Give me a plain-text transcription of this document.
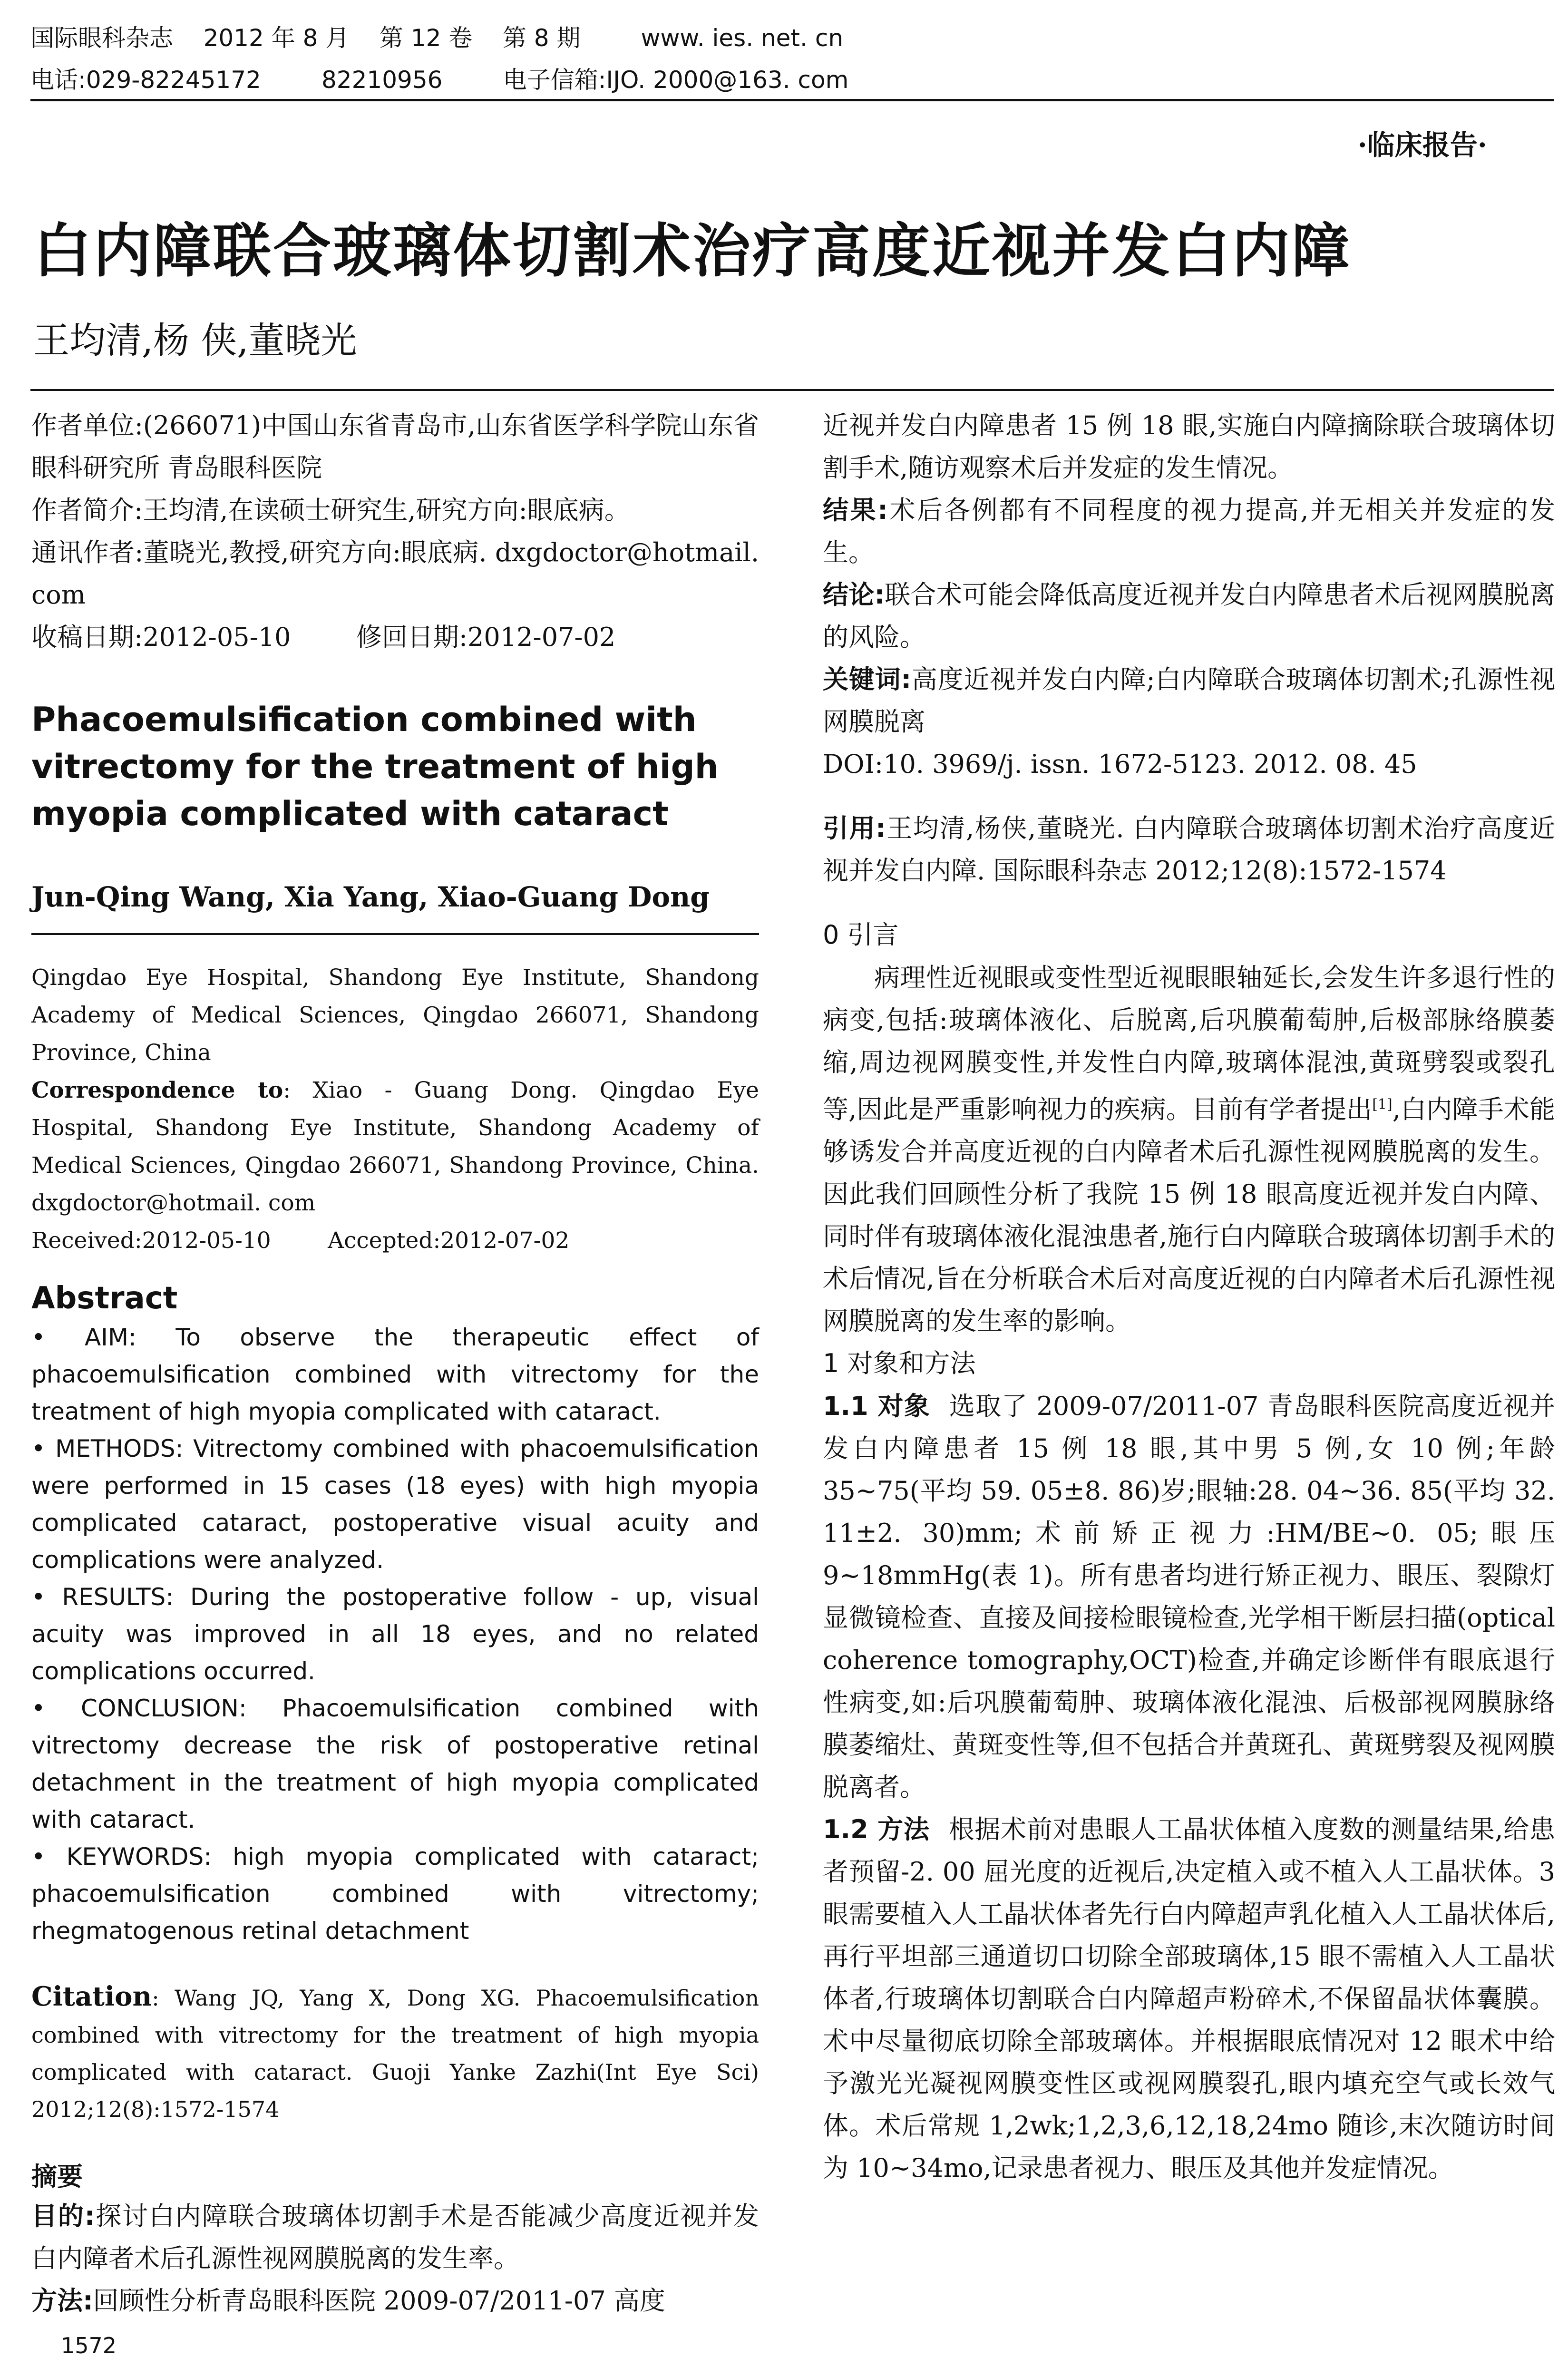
国际眼科杂志    2012 年 8 月    第 12 卷    第 8 期        www. ies. net. cn
电话:029-82245172        82210956        电子信箱:IJO. 2000@163. com
·临床报告·
白内障联合玻璃体切割术治疗高度近视并发白内障
王均清,杨 侠,董晓光

作者单位:(266071)中国山东省青岛市,山东省医学科学院山东省眼科研究所 青岛眼科医院

作者简介:王均清,在读硕士研究生,研究方向:眼底病。

通讯作者:董晓光,教授,研究方向:眼底病. dxgdoctor@hotmail. com

收稿日期:2012-05-10        修回日期:2012-07-02

Phacoemulsification combined with vitrectomy for the treatment of high myopia complicated with cataract

Jun-Qing Wang, Xia Yang, Xiao-Guang Dong

Qingdao Eye Hospital, Shandong Eye Institute, Shandong Academy of Medical Sciences, Qingdao 266071, Shandong Province, China

Correspondence to: Xiao - Guang Dong. Qingdao Eye Hospital, Shandong Eye Institute, Shandong Academy of Medical Sciences, Qingdao 266071, Shandong Province, China. dxgdoctor@hotmail. com

Received:2012-05-10        Accepted:2012-07-02

Abstract

• AIM: To observe the therapeutic effect of phacoemulsification combined with vitrectomy for the treatment of high myopia complicated with cataract.

• METHODS: Vitrectomy combined with phacoemulsification were performed in 15 cases (18 eyes) with high myopia complicated cataract, postoperative visual acuity and complications were analyzed.

• RESULTS: During the postoperative follow - up, visual acuity was improved in all 18 eyes, and no related complications occurred.

• CONCLUSION: Phacoemulsification combined with vitrectomy decrease the risk of postoperative retinal detachment in the treatment of high myopia complicated with cataract.

• KEYWORDS: high myopia complicated with cataract; phacoemulsification combined with vitrectomy; rhegmatogenous retinal detachment

Citation: Wang JQ, Yang X, Dong XG. Phacoemulsification combined with vitrectomy for the treatment of high myopia complicated with cataract. Guoji Yanke Zazhi(Int Eye Sci) 2012;12(8):1572-1574

摘要

目的:探讨白内障联合玻璃体切割手术是否能减少高度近视并发白内障者术后孔源性视网膜脱离的发生率。

方法:回顾性分析青岛眼科医院 2009-07/2011-07 高度

近视并发白内障患者 15 例 18 眼,实施白内障摘除联合玻璃体切割手术,随访观察术后并发症的发生情况。

结果:术后各例都有不同程度的视力提高,并无相关并发症的发生。

结论:联合术可能会降低高度近视并发白内障患者术后视网膜脱离的风险。

关键词:高度近视并发白内障;白内障联合玻璃体切割术;孔源性视网膜脱离

DOI:10. 3969/j. issn. 1672-5123. 2012. 08. 45

引用:王均清,杨侠,董晓光. 白内障联合玻璃体切割术治疗高度近视并发白内障. 国际眼科杂志 2012;12(8):1572-1574

0 引言

病理性近视眼或变性型近视眼眼轴延长,会发生许多退行性的病变,包括:玻璃体液化、后脱离,后巩膜葡萄肿,后极部脉络膜萎缩,周边视网膜变性,并发性白内障,玻璃体混浊,黄斑劈裂或裂孔等,因此是严重影响视力的疾病。目前有学者提出[1],白内障手术能够诱发合并高度近视的白内障者术后孔源性视网膜脱离的发生。因此我们回顾性分析了我院 15 例 18 眼高度近视并发白内障、同时伴有玻璃体液化混浊患者,施行白内障联合玻璃体切割手术的术后情况,旨在分析联合术后对高度近视的白内障者术后孔源性视网膜脱离的发生率的影响。

1 对象和方法

1.1 对象 选取了 2009-07/2011-07 青岛眼科医院高度近视并发白内障患者 15 例 18 眼,其中男 5 例,女 10 例;年龄 35~75(平均 59. 05±8. 86)岁;眼轴:28. 04~36. 85(平均 32. 11±2. 30)mm;术前矫正视力:HM/BE~0. 05;眼压 9~18mmHg(表 1)。所有患者均进行矫正视力、眼压、裂隙灯显微镜检查、直接及间接检眼镜检查,光学相干断层扫描(optical coherence tomography,OCT)检查,并确定诊断伴有眼底退行性病变,如:后巩膜葡萄肿、玻璃体液化混浊、后极部视网膜脉络膜萎缩灶、黄斑变性等,但不包括合并黄斑孔、黄斑劈裂及视网膜脱离者。

1.2 方法 根据术前对患眼人工晶状体植入度数的测量结果,给患者预留-2. 00 屈光度的近视后,决定植入或不植入人工晶状体。3 眼需要植入人工晶状体者先行白内障超声乳化植入人工晶状体后,再行平坦部三通道切口切除全部玻璃体,15 眼不需植入人工晶状体者,行玻璃体切割联合白内障超声粉碎术,不保留晶状体囊膜。术中尽量彻底切除全部玻璃体。并根据眼底情况对 12 眼术中给予激光光凝视网膜变性区或视网膜裂孔,眼内填充空气或长效气体。术后常规 1,2wk;1,2,3,6,12,18,24mo 随诊,末次随访时间为 10~34mo,记录患者视力、眼压及其他并发症情况。

1572
